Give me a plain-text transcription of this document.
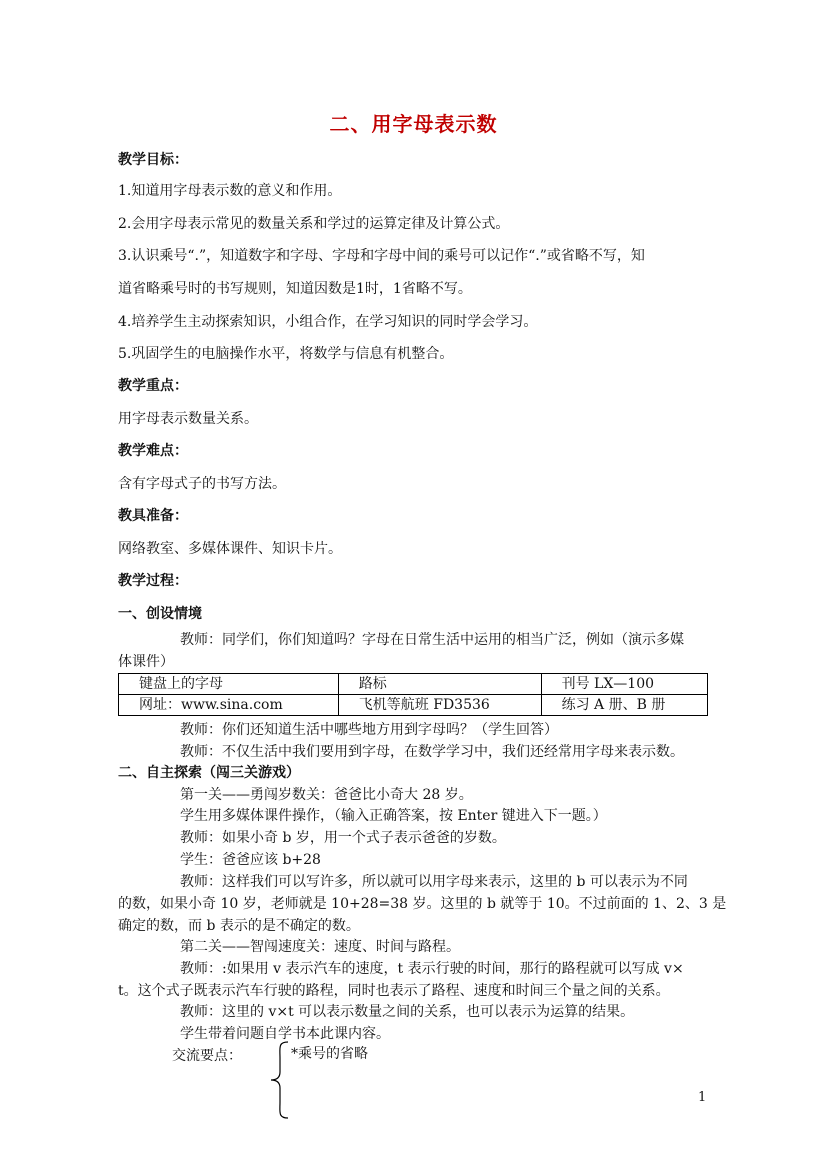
二、用字母表示数
教学目标：
1.知道用字母表示数的意义和作用。
2.会用字母表示常见的数量关系和学过的运算定律及计算公式。
3.认识乘号“.”，知道数字和字母、字母和字母中间的乘号可以记作“.”或省略不写，知
道省略乘号时的书写规则，知道因数是1时，1省略不写。
4.培养学生主动探索知识，小组合作，在学习知识的同时学会学习。
5.巩固学生的电脑操作水平，将数学与信息有机整合。
教学重点：
用字母表示数量关系。
教学难点：
含有字母式子的书写方法。
教具准备：
网络教室、多媒体课件、知识卡片。
教学过程：
一、创设情境
教师：同学们，你们知道吗？字母在日常生活中运用的相当广泛，例如（演示多媒
体课件）
键盘上的字母	路标	刊号 LX—100
网址：www.sina.com	飞机等航班 FD3536	练习 A 册、B 册
教师：你们还知道生活中哪些地方用到字母吗？（学生回答）
教师：不仅生活中我们要用到字母，在数学学习中，我们还经常用字母来表示数。
二、自主探索（闯三关游戏）
第一关——勇闯岁数关：爸爸比小奇大 28 岁。
学生用多媒体课件操作，（输入正确答案，按 Enter 键进入下一题。）
教师：如果小奇 b 岁，用一个式子表示爸爸的岁数。
学生：爸爸应该 b+28
教师：这样我们可以写许多，所以就可以用字母来表示，这里的 b 可以表示为不同
的数，如果小奇 10 岁，老师就是 10+28=38 岁。这里的 b 就等于 10。不过前面的 1、2、3 是
确定的数，而 b 表示的是不确定的数。
第二关——智闯速度关：速度、时间与路程。
教师：:如果用 v 表示汽车的速度，t 表示行驶的时间，那行的路程就可以写成 v×
t。这个式子既表示汽车行驶的路程，同时也表示了路程、速度和时间三个量之间的关系。
教师：这里的 v×t 可以表示数量之间的关系，也可以表示为运算的结果。
学生带着问题自学书本此课内容。
交流要点：	*乘号的省略
1
